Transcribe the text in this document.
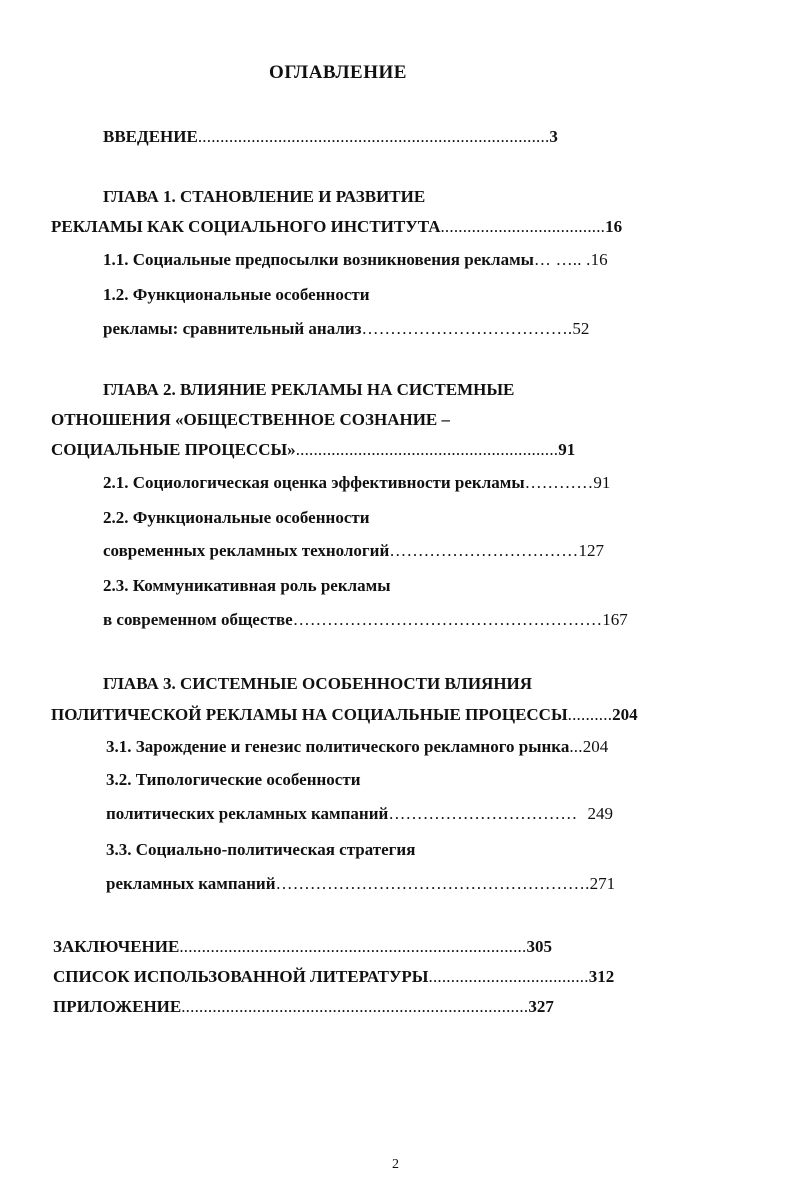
ОГЛАВЛЕНИЕ
ВВЕДЕНИЕ...............................................................................3
ГЛАВА 1. СТАНОВЛЕНИЕ И РАЗВИТИЕ
РЕКЛАМЫ КАК СОЦИАЛЬНОГО ИНСТИТУТА.....................................16
1.1. Социальные предпосылки возникновения рекламы… ….. .16
1.2. Функциональные особенности
рекламы: сравнительный анализ……………………………….52
ГЛАВА 2. ВЛИЯНИЕ РЕКЛАМЫ НА СИСТЕМНЫЕ
ОТНОШЕНИЯ «ОБЩЕСТВЕННОЕ СОЗНАНИЕ –
СОЦИАЛЬНЫЕ ПРОЦЕССЫ»...........................................................91
2.1. Социологическая оценка эффективности рекламы…………91
2.2. Функциональные особенности
современных рекламных технологий……………………………127
2.3. Коммуникативная роль рекламы
в современном обществе………………………………………………167
ГЛАВА 3. СИСТЕМНЫЕ ОСОБЕННОСТИ ВЛИЯНИЯ
ПОЛИТИЧЕСКОЙ РЕКЛАМЫ НА СОЦИАЛЬНЫЕ ПРОЦЕССЫ..........204
3.1. Зарождение и генезис политического рекламного рынка...204
3.2. Типологические особенности
политических рекламных кампаний…………………………… 249
3.3. Социально-политическая стратегия
рекламных кампаний……………………………………………….271
ЗАКЛЮЧЕНИЕ..............................................................................305
СПИСОК ИСПОЛЬЗОВАННОЙ ЛИТЕРАТУРЫ....................................312
ПРИЛОЖЕНИЕ..............................................................................327
2
